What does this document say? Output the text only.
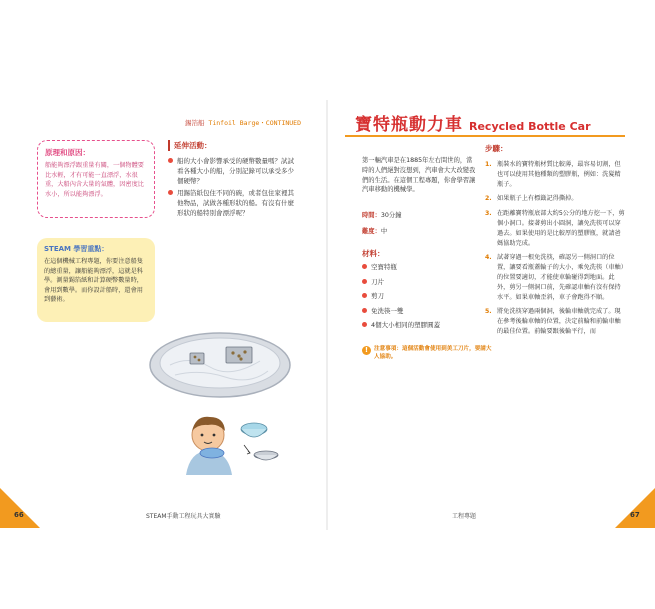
錫箔船 Tinfoil Barge・CONTINUED
原理和原因：
船能夠漂浮跟重量有關，一個物體要比水輕，才有可能一直漂浮，水很重，大船內含大量的氣體，因密度比水小，所以能夠漂浮。
STEAM 學習重點：
在這個機械工程專題，你要注意船隻的總重量，讓船能夠漂浮，這就是科學。測量錫箔紙和計算硬幣數量時，會用到數學。而你設計船時，還會用到藝術。
延伸活動：
船的大小會影響承受的硬幣數量嗎？試試看各種大小的船，分別記錄可以承受多少個硬幣？
用錫箔紙包住不同的碗，或者包住家裡其他物品，試做各種形狀的船。有沒有什麼形狀的船特別會漂浮呢？
66	STEAM手動工程玩具大實驗
寶特瓶動力車 Recycled Bottle Car
第一輛汽車是在1885年左右問世的，當時的人們絕對沒想到，汽車會大大改變我們的生活。在這個工程專題，你會學習讓汽車移動的機械學。
時間：30分鐘
難度：中
材料：
空寶特瓶
刀片
剪刀
免洗筷一雙
4個大小相同的塑膠圓蓋
!	注意事項：這個活動會使用到美工刀片，要請大人協助。
步驟：
1. 瓶裝水的寶特瓶材質比較薄，最容易切割，但也可以使用其他種類的塑膠瓶，例如：洗髮精瓶子。
2. 如果瓶子上有標籤記得撕掉。
3. 在距離寶特瓶底部大約5公分的地方挖一下，剪個小洞口。接著剪出小圓洞，讓免洗筷可以穿過去。如果使用的是比較厚的塑膠瓶，就請爸媽協助完成。
4. 試著穿過一根免洗筷，確認另一側洞口的位置，讓要看瓶蓋輪子的大小，乘免洗筷（車軸）的位置要適切，才能使車輪碰得到地面。此外，剪另一側洞口前，先確認車軸有沒有保持水平。如果車軸歪斜，車子會跑得不順。
5. 將免洗筷穿過兩個洞，後輪車軸就完成了。現在參考後輪車軸的位置，決定前輪和前輪車軸的最佳位置。前輪要跟後輪平行，而
工程專題	67
